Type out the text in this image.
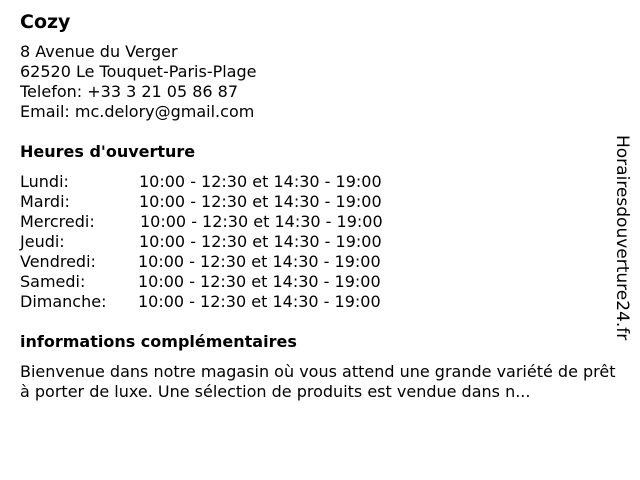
Cozy
8 Avenue du Verger
62520 Le Touquet-Paris-Plage
Telefon: +33 3 21 05 86 87
Email: mc.delory@gmail.com
Heures d'ouverture
Lundi:	10:00 - 12:30 et 14:30 - 19:00
Mardi:	10:00 - 12:30 et 14:30 - 19:00
Mercredi:	10:00 - 12:30 et 14:30 - 19:00
Jeudi:	10:00 - 12:30 et 14:30 - 19:00
Vendredi:	10:00 - 12:30 et 14:30 - 19:00
Samedi:	10:00 - 12:30 et 14:30 - 19:00
Dimanche: 10:00 - 12:30 et 14:30 - 19:00
informations complémentaires
Bienvenue dans notre magasin où vous attend une grande variété de prêt à porter de luxe. Une sélection de produits est vendue dans n...
Horairesdouverture24.fr
